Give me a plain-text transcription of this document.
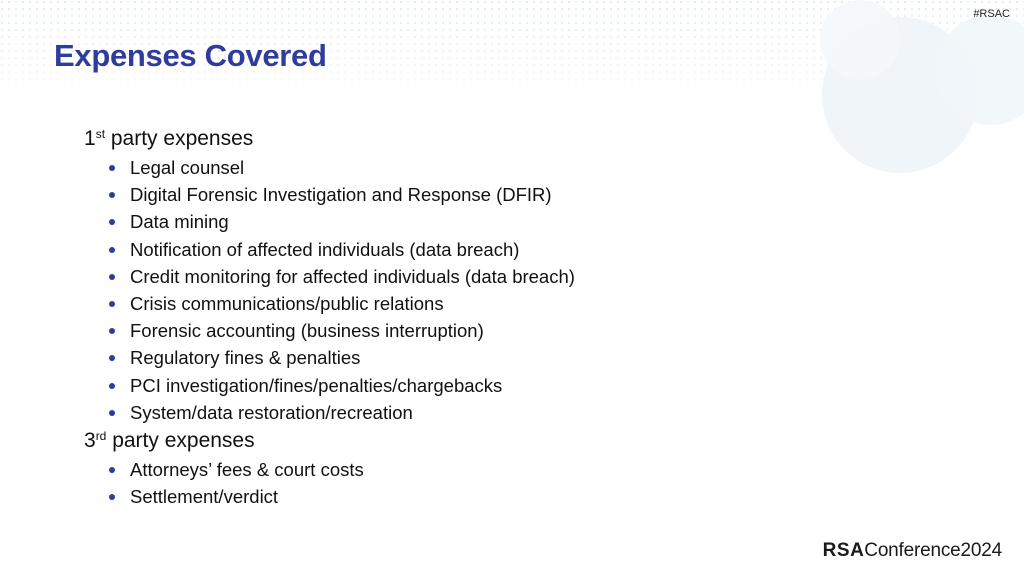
#RSAC
Expenses Covered
1st party expenses
Legal counsel
Digital Forensic Investigation and Response (DFIR)
Data mining
Notification of affected individuals (data breach)
Credit monitoring for affected individuals (data breach)
Crisis communications/public relations
Forensic accounting (business interruption)
Regulatory fines & penalties
PCI investigation/fines/penalties/chargebacks
System/data restoration/recreation
3rd party expenses
Attorneys’ fees & court costs
Settlement/verdict
RSAConference2024
